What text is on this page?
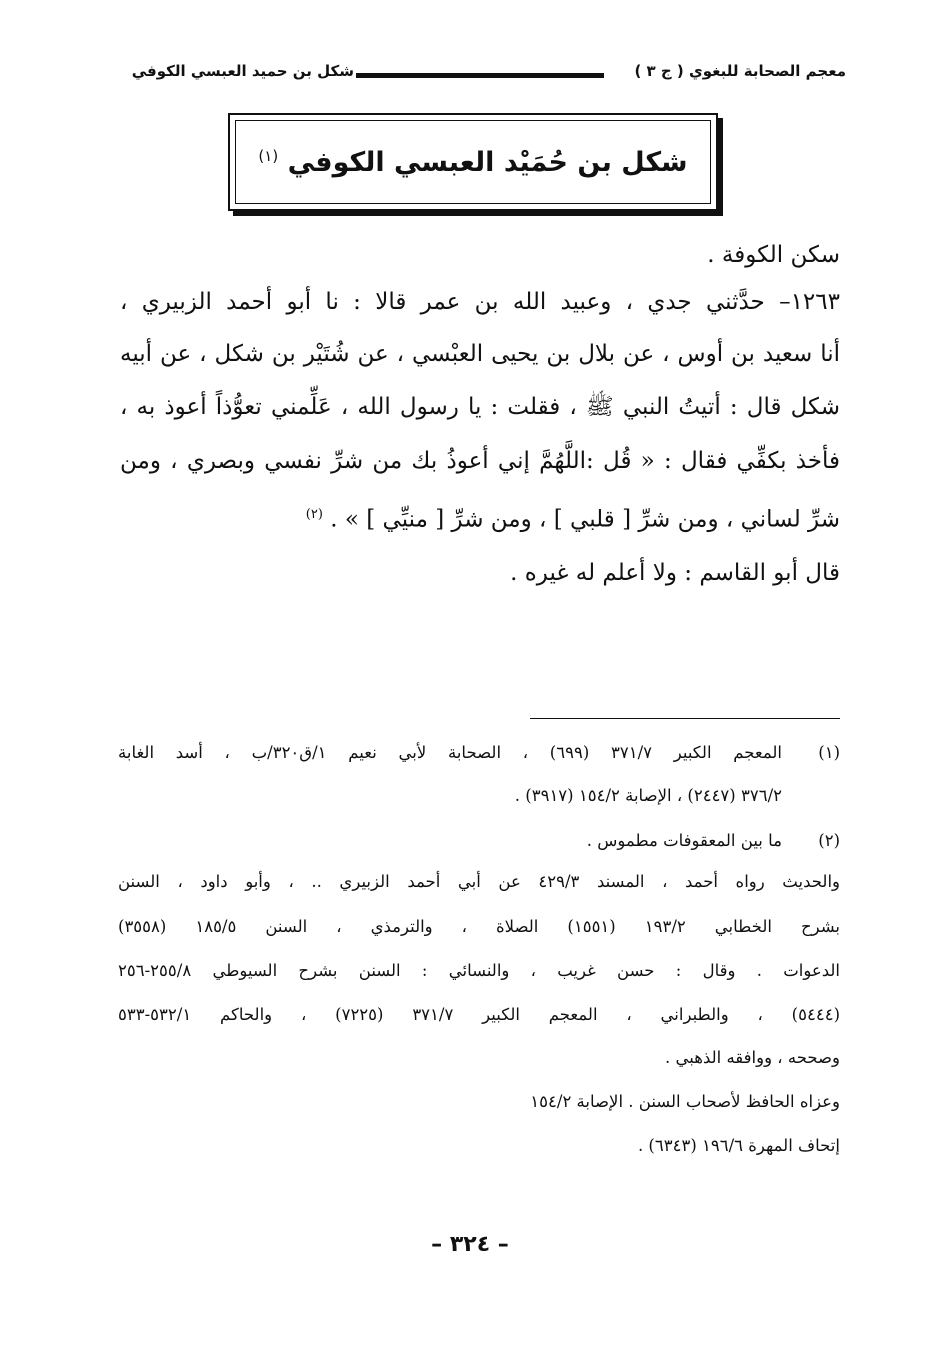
معجم الصحابة للبغوي ( ج ٣ )
شكل بن حميد العبسي الكوفي
شكل بن حُمَيْد العبسي الكوفي $^{(١)}$
سكن الكوفة .
١٢٦٣– حدَّثني جدي ، وعبيد الله بن عمر قالا : نا أبو أحمد الزبيري ،
أنا سعيد بن أوس ، عن بلال بن يحيى العبْسي ، عن شُتَيْر بن شكل ، عن أبيه
شكل قال : أتيتُ النبي ﷺ ، فقلت : يا رسول الله ، عَلِّمني تعوُّذاً أعوذ به ،
فأخذ بكفِّي فقال : « قُل :اللَّهُمَّ إني أعوذُ بك من شرِّ نفسي وبصري ، ومن
شرِّ لساني ، ومن شرِّ [ قلبي ] ، ومن شرِّ [ منيِّي ] » . $^{(٢)}$
قال أبو القاسم : ولا أعلم له غيره .
(١)
المعجم الكبير ٣٧١/٧ (٦٩٩) ، الصحابة لأبي نعيم ١/ق٣٢٠/ب ، أسد الغابة
٣٧٦/٢ (٢٤٤٧) ، الإصابة ١٥٤/٢ (٣٩١٧) .
(٢)
ما بين المعقوفات مطموس .
والحديث رواه أحمد ، المسند ٤٢٩/٣ عن أبي أحمد الزبيري .. ، وأبو داود ، السنن
بشرح الخطابي ١٩٣/٢ (١٥٥١) الصلاة ، والترمذي ، السنن ١٨٥/٥ (٣٥٥٨)
الدعوات . وقال : حسن غريب ، والنسائي : السنن بشرح السيوطي ٢٥٥/٨-٢٥٦
(٥٤٤٤) ، والطبراني ، المعجم الكبير ٣٧١/٧ (٧٢٢٥) ، والحاكم ٥٣٢/١-٥٣٣
وصححه ، ووافقه الذهبي .
وعزاه الحافظ لأصحاب السنن . الإصابة ١٥٤/٢
إتحاف المهرة ١٩٦/٦ (٦٣٤٣) .
– ٣٢٤ –
